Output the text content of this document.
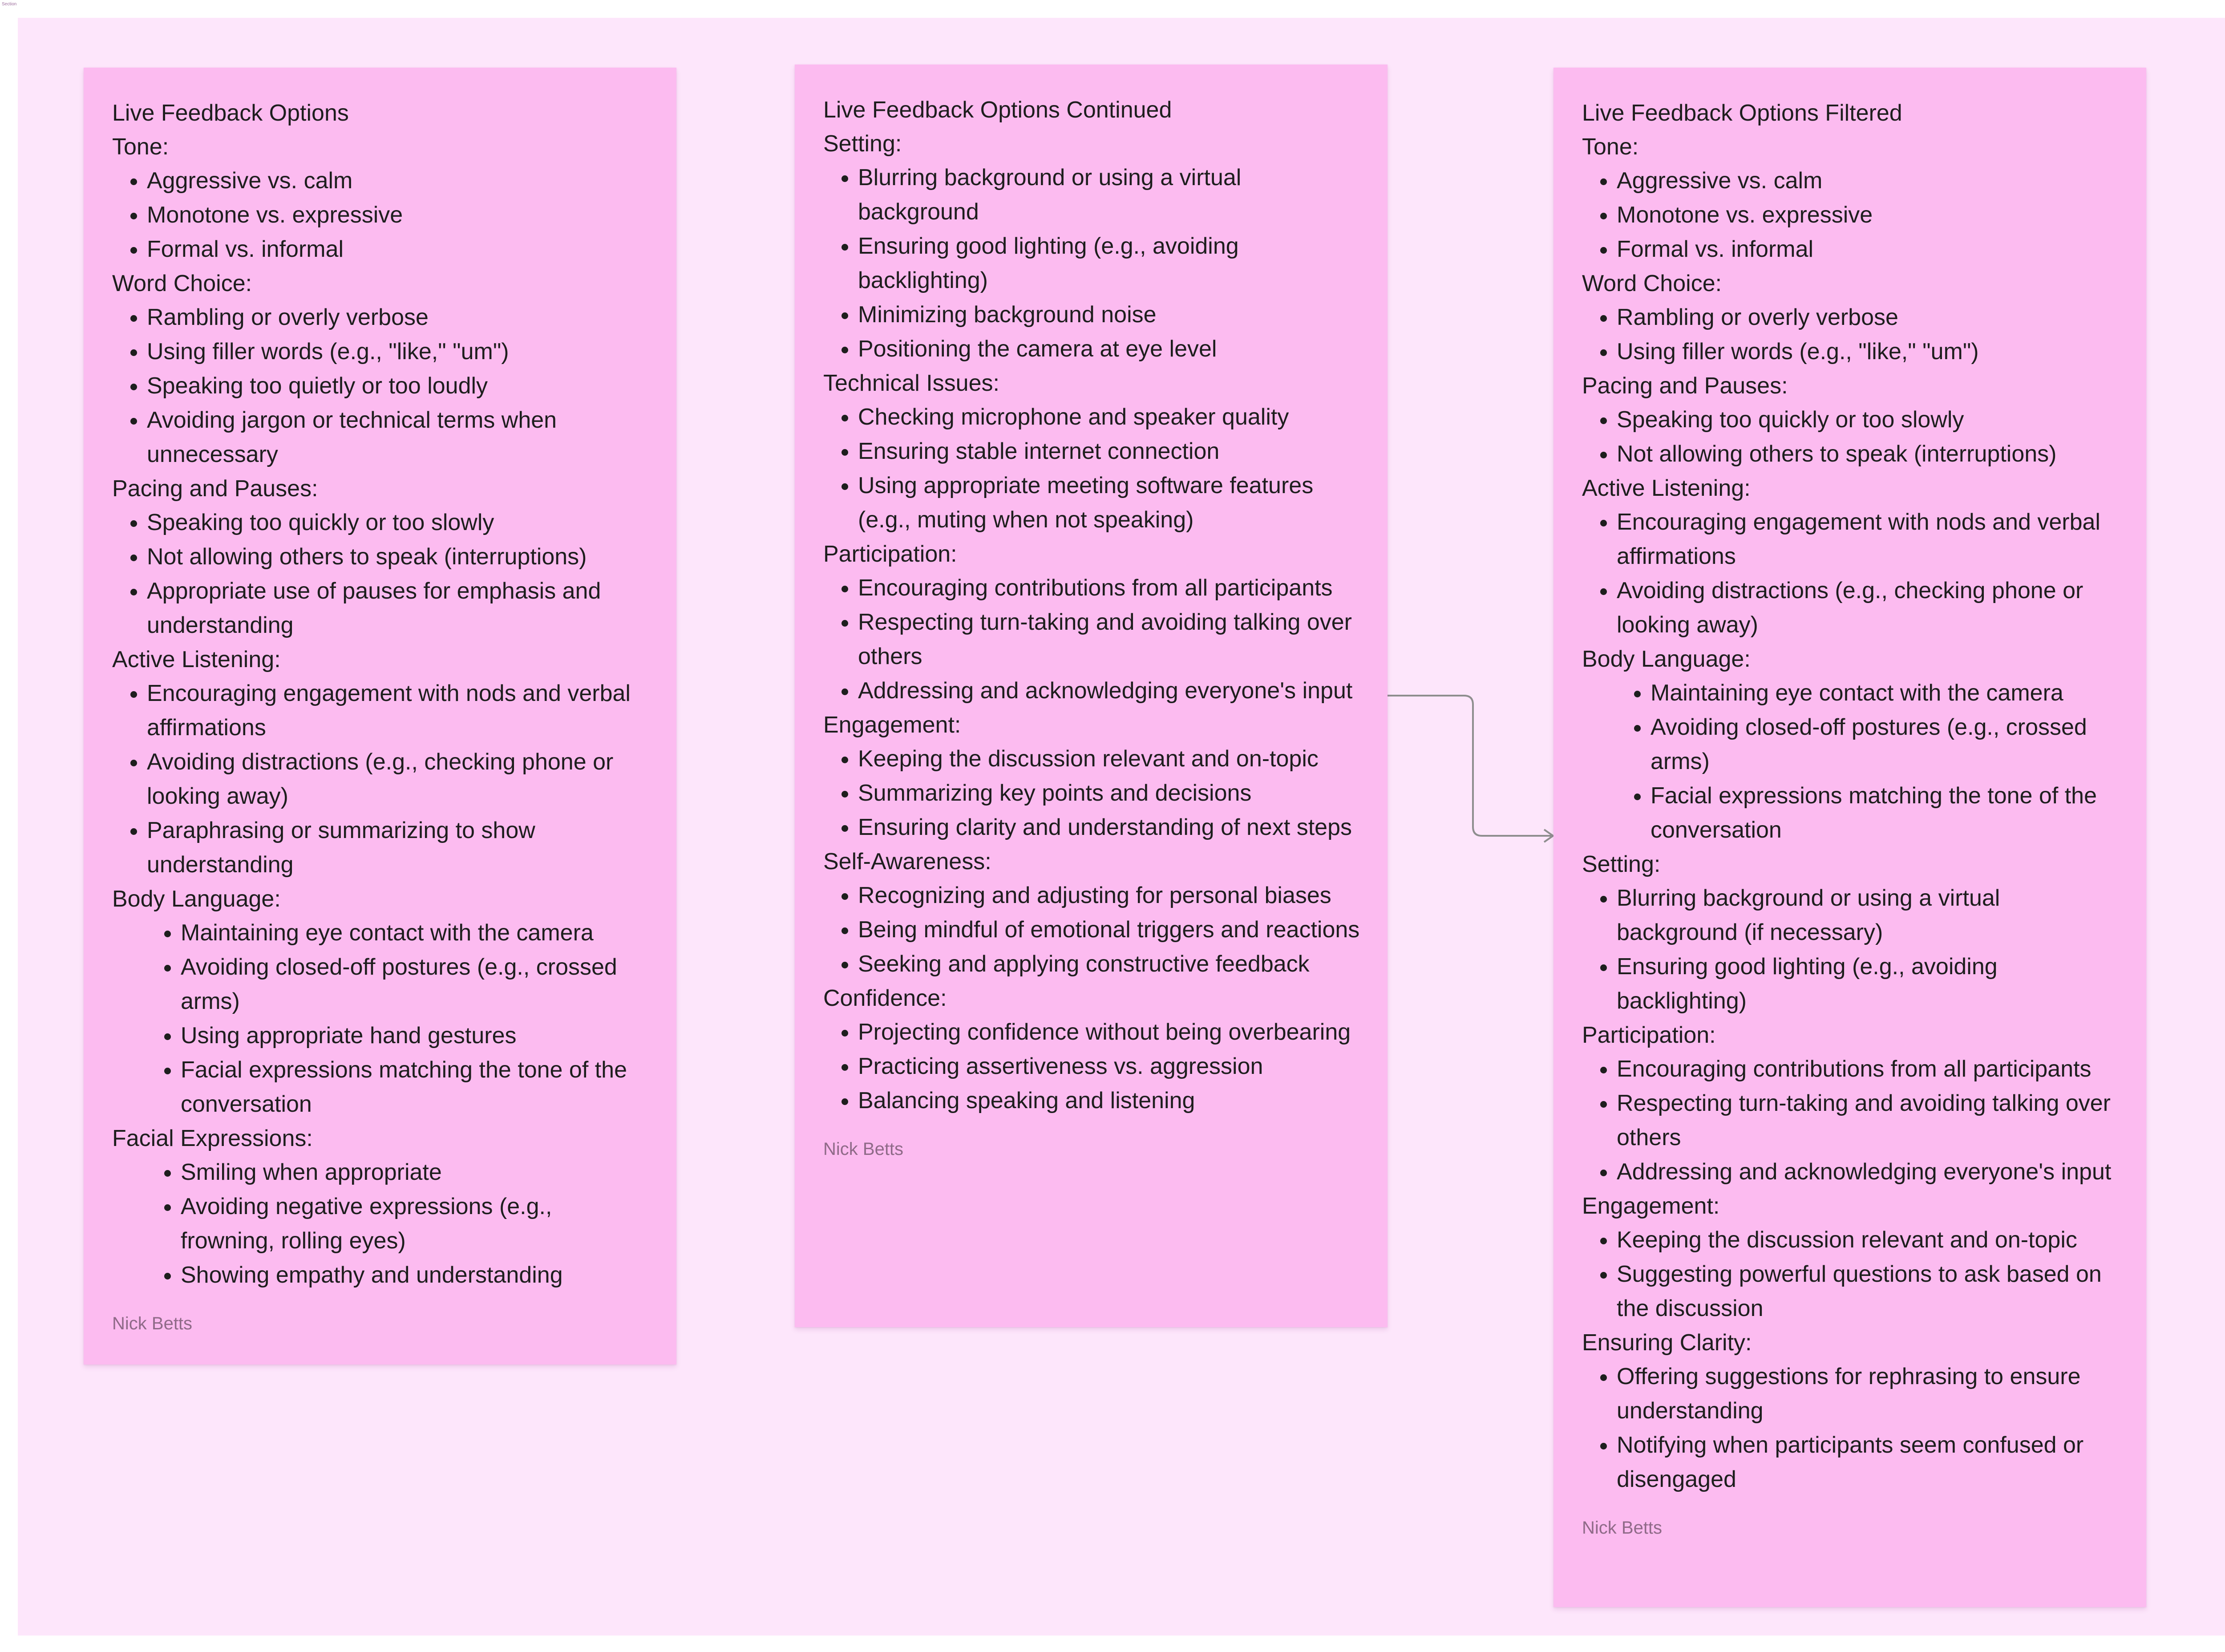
Section
Live Feedback Options
Tone:
• Aggressive vs. calm
• Monotone vs. expressive
• Formal vs. informal
Word Choice:
• Rambling or overly verbose
• Using filler words (e.g., "like," "um")
• Speaking too quietly or too loudly
• Avoiding jargon or technical terms when unnecessary
Pacing and Pauses:
• Speaking too quickly or too slowly
• Not allowing others to speak (interruptions)
• Appropriate use of pauses for emphasis and understanding
Active Listening:
• Encouraging engagement with nods and verbal affirmations
• Avoiding distractions (e.g., checking phone or looking away)
• Paraphrasing or summarizing to show understanding
Body Language:
• Maintaining eye contact with the camera
• Avoiding closed-off postures (e.g., crossed arms)
• Using appropriate hand gestures
• Facial expressions matching the tone of the conversation
Facial Expressions:
• Smiling when appropriate
• Avoiding negative expressions (e.g., frowning, rolling eyes)
• Showing empathy and understanding
Nick Betts
Live Feedback Options Continued
Setting:
• Blurring background or using a virtual background
• Ensuring good lighting (e.g., avoiding backlighting)
• Minimizing background noise
• Positioning the camera at eye level
Technical Issues:
• Checking microphone and speaker quality
• Ensuring stable internet connection
• Using appropriate meeting software features (e.g., muting when not speaking)
Participation:
• Encouraging contributions from all participants
• Respecting turn-taking and avoiding talking over others
• Addressing and acknowledging everyone's input
Engagement:
• Keeping the discussion relevant and on-topic
• Summarizing key points and decisions
• Ensuring clarity and understanding of next steps
Self-Awareness:
• Recognizing and adjusting for personal biases
• Being mindful of emotional triggers and reactions
• Seeking and applying constructive feedback
Confidence:
• Projecting confidence without being overbearing
• Practicing assertiveness vs. aggression
• Balancing speaking and listening
Nick Betts
Live Feedback Options Filtered
Tone:
• Aggressive vs. calm
• Monotone vs. expressive
• Formal vs. informal
Word Choice:
• Rambling or overly verbose
• Using filler words (e.g., "like," "um")
Pacing and Pauses:
• Speaking too quickly or too slowly
• Not allowing others to speak (interruptions)
Active Listening:
• Encouraging engagement with nods and verbal affirmations
• Avoiding distractions (e.g., checking phone or looking away)
Body Language:
• Maintaining eye contact with the camera
• Avoiding closed-off postures (e.g., crossed arms)
• Facial expressions matching the tone of the conversation
Setting:
• Blurring background or using a virtual background (if necessary)
• Ensuring good lighting (e.g., avoiding backlighting)
Participation:
• Encouraging contributions from all participants
• Respecting turn-taking and avoiding talking over others
• Addressing and acknowledging everyone's input
Engagement:
• Keeping the discussion relevant and on-topic
• Suggesting powerful questions to ask based on the discussion
Ensuring Clarity:
• Offering suggestions for rephrasing to ensure understanding
• Notifying when participants seem confused or disengaged
Nick Betts
